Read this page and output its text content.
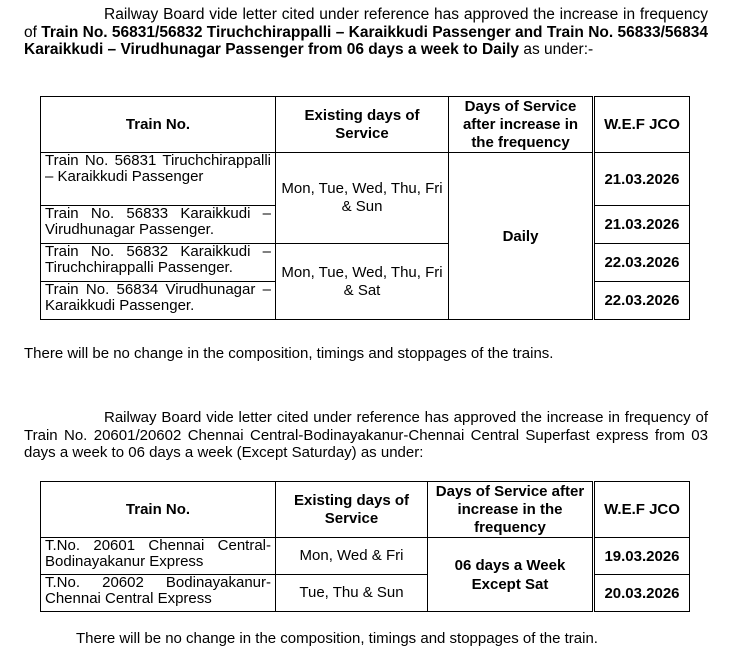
Railway Board vide letter cited under reference has approved the increase in frequency of Train No. 56831/56832 Tiruchchirappalli – Karaikkudi Passenger and Train No. 56833/56834 Karaikkudi – Virudhunagar Passenger from 06 days a week to Daily as under:-
Train No.	Existing days of Service	Days of Service after increase in the frequency	W.E.F JCO
Train No. 56831 Tiruchchirappalli – Karaikkudi Passenger	Mon, Tue, Wed, Thu, Fri & Sun	Daily	21.03.2026
Train No. 56833 Karaikkudi – Virudhunagar Passenger.			21.03.2026
Train No. 56832 Karaikkudi – Tiruchchirappalli Passenger.	Mon, Tue, Wed, Thu, Fri & Sat		22.03.2026
Train No. 56834 Virudhunagar – Karaikkudi Passenger.			22.03.2026
There will be no change in the composition, timings and stoppages of the trains.
Railway Board vide letter cited under reference has approved the increase in frequency of Train No. 20601/20602 Chennai Central-Bodinayakanur-Chennai Central Superfast express from 03 days a week to 06 days a week (Except Saturday) as under:
Train No.	Existing days of Service	Days of Service after increase in the frequency	W.E.F JCO
T.No. 20601 Chennai Central-Bodinayakanur Express	Mon, Wed & Fri	06 days a Week Except Sat	19.03.2026
T.No. 20602 Bodinayakanur-Chennai Central Express	Tue, Thu & Sun		20.03.2026
There will be no change in the composition, timings and stoppages of the train.
